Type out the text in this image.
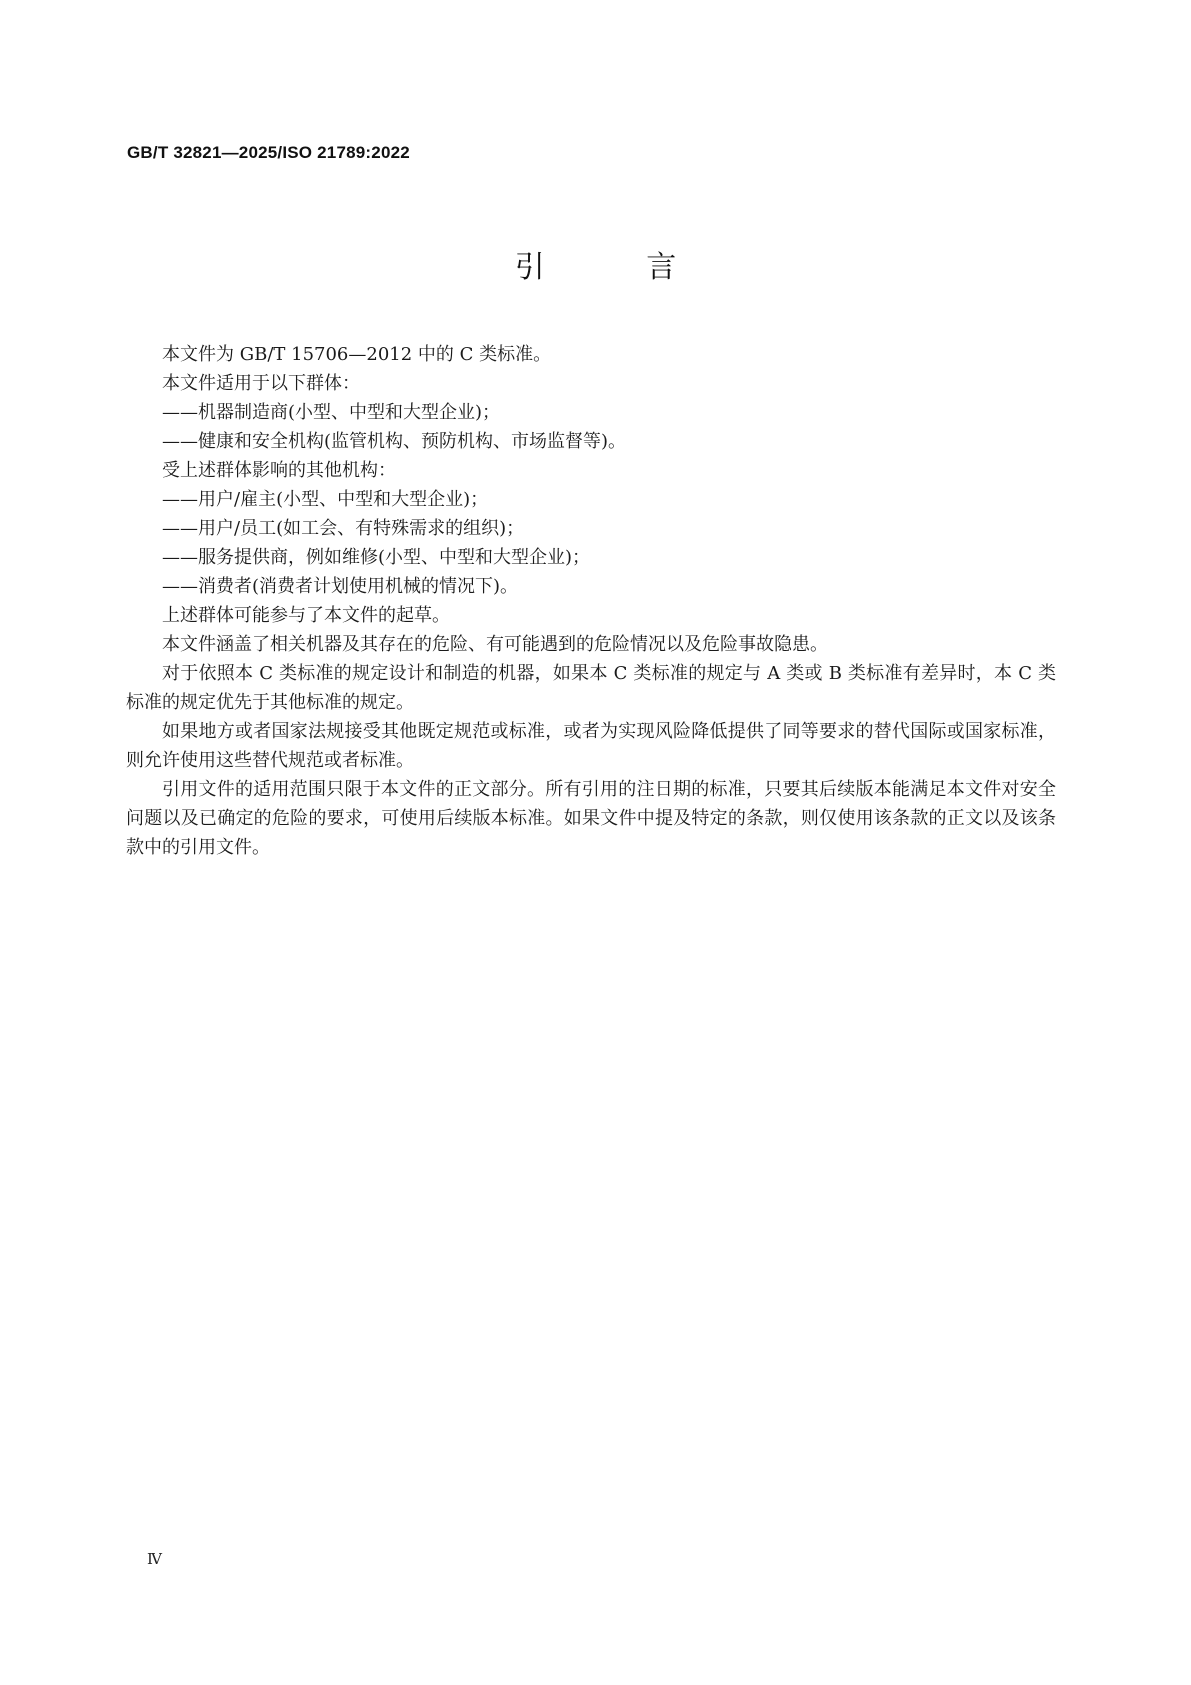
GB/T 32821—2025/ISO 21789:2022
引 言

本文件为 GB/T 15706—2012 中的 C 类标准。

本文件适用于以下群体：

——机器制造商(小型、中型和大型企业)；

——健康和安全机构(监管机构、预防机构、市场监督等)。

受上述群体影响的其他机构：

——用户/雇主(小型、中型和大型企业)；

——用户/员工(如工会、有特殊需求的组织)；

——服务提供商，例如维修(小型、中型和大型企业)；

——消费者(消费者计划使用机械的情况下)。

上述群体可能参与了本文件的起草。

本文件涵盖了相关机器及其存在的危险、有可能遇到的危险情况以及危险事故隐患。

对于依照本 C 类标准的规定设计和制造的机器，如果本 C 类标准的规定与 A 类或 B 类标准有差异时，本 C 类标准的规定优先于其他标准的规定。

如果地方或者国家法规接受其他既定规范或标准，或者为实现风险降低提供了同等要求的替代国际或国家标准，则允许使用这些替代规范或者标准。

引用文件的适用范围只限于本文件的正文部分。所有引用的注日期的标准，只要其后续版本能满足本文件对安全问题以及已确定的危险的要求，可使用后续版本标准。如果文件中提及特定的条款，则仅使用该条款的正文以及该条款中的引用文件。

Ⅳ
